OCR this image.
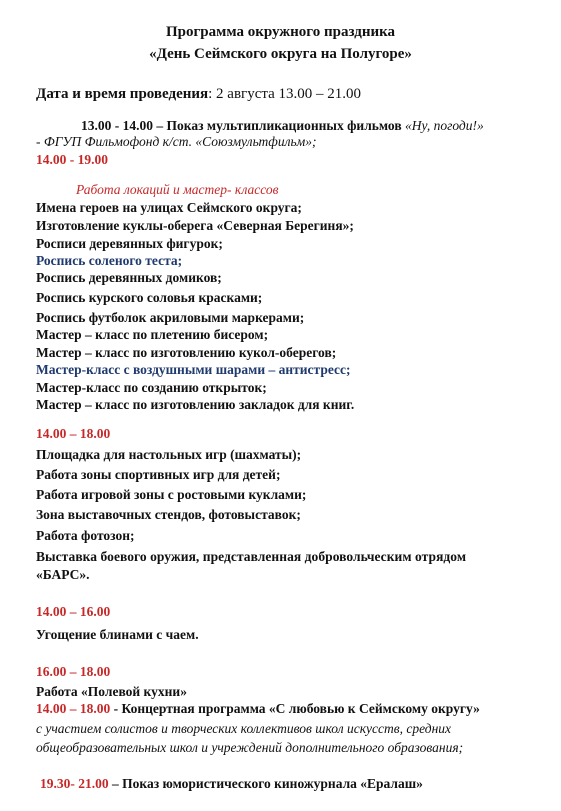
Программа окружного праздника
«День Сеймского округа на Полугоре»
Дата и время проведения: 2 августа 13.00 – 21.00
13.00 - 14.00 – Показ мультипликационных фильмов «Ну, погоди!»
- ФГУП Фильмофонд к/ст. «Союзмультфильм»;
14.00 - 19.00
Работа локаций и мастер- классов
Имена героев на улицах Сеймского округа;
Изготовление куклы-оберега «Северная Берегиня»;
Росписи деревянных фигурок;
Роспись соленого теста;
Роспись деревянных домиков;
Роспись курского соловья красками;
Роспись футболок акриловыми маркерами;
Мастер – класс по плетению бисером;
Мастер – класс по изготовлению кукол-оберегов;
Мастер-класс с воздушными шарами – антистресс;
Мастер-класс по созданию открыток;
Мастер – класс по изготовлению закладок для книг.
14.00 – 18.00
Площадка для настольных игр (шахматы);
Работа зоны спортивных игр для детей;
Работа игровой зоны с ростовыми куклами;
Зона выставочных стендов, фотовыставок;
Работа фотозон;
Выставка боевого оружия, представленная добровольческим отрядом
«БАРС».
14.00 – 16.00
Угощение блинами с чаем.
16.00 – 18.00
Работа «Полевой кухни»
14.00 – 18.00 - Концертная программа «С любовью к Сеймскому округу»
с участием солистов и творческих коллективов школ искусств, средних
общеобразовательных школ и учреждений дополнительного образования;
19.30- 21.00 – Показ юмористического киножурнала «Ералаш»
